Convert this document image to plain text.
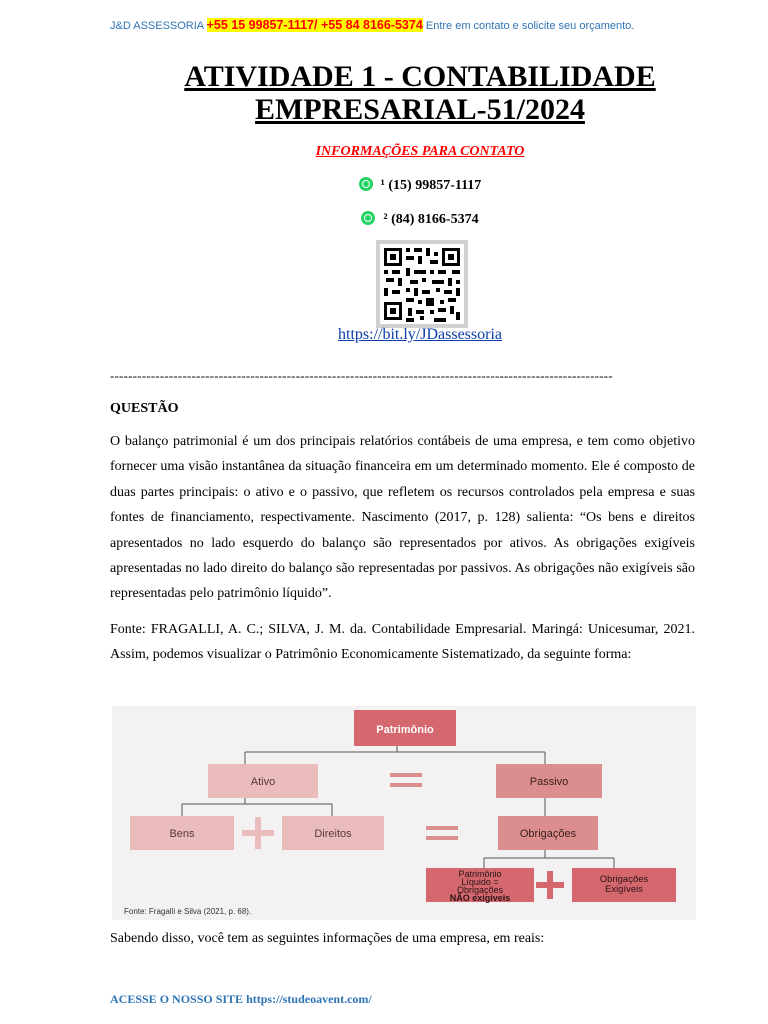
J&D ASSESSORIA +55 15 99857-1117/ +55 84 8166-5374 Entre em contato e solicite seu orçamento.
ATIVIDADE 1 - CONTABILIDADE
EMPRESARIAL-51/2024
INFORMAÇÕES PARA CONTATO
¹ (15) 99857-1117
² (84) 8166-5374
https://bit.ly/JDassessoria
---------------------------------------------------------------------------------------------------------------
QUESTÃO
O balanço patrimonial é um dos principais relatórios contábeis de uma empresa, e tem como objetivo fornecer uma visão instantânea da situação financeira em um determinado momento. Ele é composto de duas partes principais: o ativo e o passivo, que refletem os recursos controlados pela empresa e suas fontes de financiamento, respectivamente. Nascimento (2017, p. 128) salienta: “Os bens e direitos apresentados no lado esquerdo do balanço são representados por ativos. As obrigações exigíveis apresentadas no lado direito do balanço são representadas por passivos. As obrigações não exigíveis são representadas pelo patrimônio líquido”.
Fonte: FRAGALLI, A. C.; SILVA, J. M. da. Contabilidade Empresarial. Maringá: Unicesumar, 2021. Assim, podemos visualizar o Patrimônio Economicamente Sistematizado, da seguinte forma:
Patrimônio
Ativo	Passivo
Bens	Direitos	Obrigações
Patrimônio
Líquido =
Obrigações
NÃO exigíveis
Obrigações
Exigíveis
Fonte: Fragalli e Silva (2021, p. 68).
Sabendo disso, você tem as seguintes informações de uma empresa, em reais:
ACESSE O NOSSO SITE https://studeoavent.com/
